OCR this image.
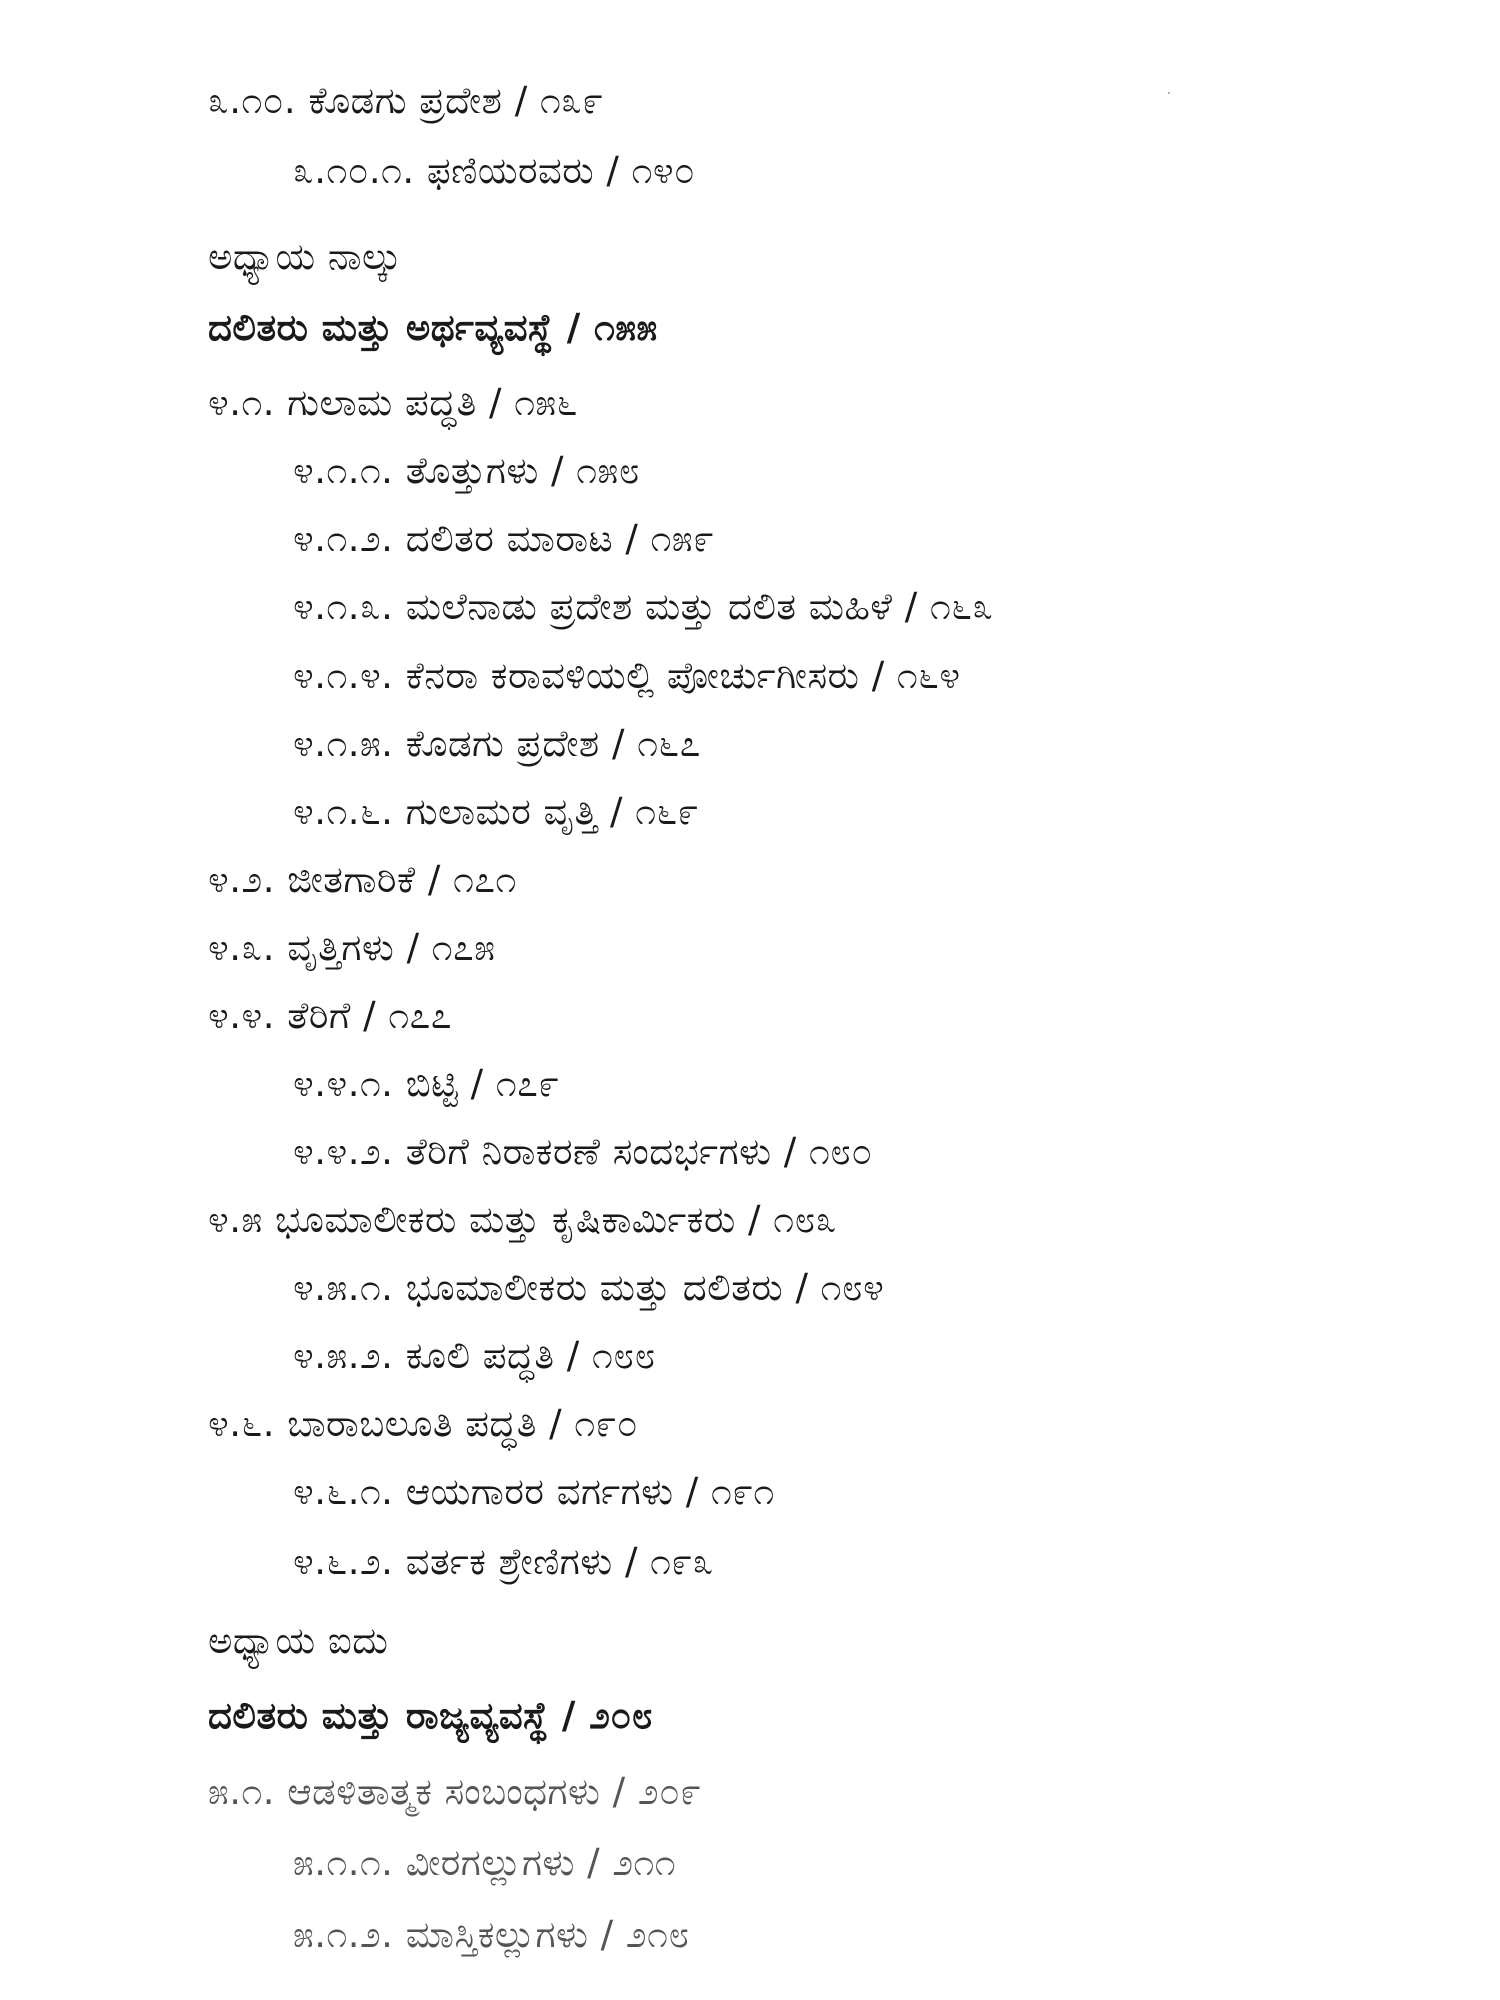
೩.೧೦. ಕೊಡಗು ಪ್ರದೇಶ / ೧೩೯
೩.೧೦.೧. ಫಣಿಯರವರು / ೧೪೦
ಅಧ್ಯಾಯ ನಾಲ್ಕು
ದಲಿತರು ಮತ್ತು ಅರ್ಥವ್ಯವಸ್ಥೆ / ೧೫೫
೪.೧. ಗುಲಾಮ ಪದ್ಧತಿ / ೧೫೬
೪.೧.೧. ತೊತ್ತುಗಳು / ೧೫೮
೪.೧.೨. ದಲಿತರ ಮಾರಾಟ / ೧೫೯
೪.೧.೩. ಮಲೆನಾಡು ಪ್ರದೇಶ ಮತ್ತು ದಲಿತ ಮಹಿಳೆ / ೧೬೩
೪.೧.೪. ಕೆನರಾ ಕರಾವಳಿಯಲ್ಲಿ ಪೋರ್ಚುಗೀಸರು / ೧೬೪
೪.೧.೫. ಕೊಡಗು ಪ್ರದೇಶ / ೧೬೭
೪.೧.೬. ಗುಲಾಮರ ವೃತ್ತಿ / ೧೬೯
೪.೨. ಜೀತಗಾರಿಕೆ / ೧೭೧
೪.೩. ವೃತ್ತಿಗಳು / ೧೭೫
೪.೪. ತೆರಿಗೆ / ೧೭೭
೪.೪.೧. ಬಿಟ್ಟಿ / ೧೭೯
೪.೪.೨. ತೆರಿಗೆ ನಿರಾಕರಣೆ ಸಂದರ್ಭಗಳು / ೧೮೦
೪.೫ ಭೂಮಾಲೀಕರು ಮತ್ತು ಕೃಷಿಕಾರ್ಮಿಕರು / ೧೮೩
೪.೫.೧. ಭೂಮಾಲೀಕರು ಮತ್ತು ದಲಿತರು / ೧೮೪
೪.೫.೨. ಕೂಲಿ ಪದ್ಧತಿ / ೧೮೮
೪.೬. ಬಾರಾಬಲೂತಿ ಪದ್ಧತಿ / ೧೯೦
೪.೬.೧. ಆಯಗಾರರ ವರ್ಗಗಳು / ೧೯೧
೪.೬.೨. ವರ್ತಕ ಶ್ರೇಣಿಗಳು / ೧೯೩
ಅಧ್ಯಾಯ ಐದು
ದಲಿತರು ಮತ್ತು ರಾಜ್ಯವ್ಯವಸ್ಥೆ / ೨೦೮
೫.೧. ಆಡಳಿತಾತ್ಮಕ ಸಂಬಂಧಗಳು / ೨೦೯
೫.೧.೧. ವೀರಗಲ್ಲುಗಳು / ೨೧೧
೫.೧.೨. ಮಾಸ್ತಿಕಲ್ಲುಗಳು / ೨೧೮
